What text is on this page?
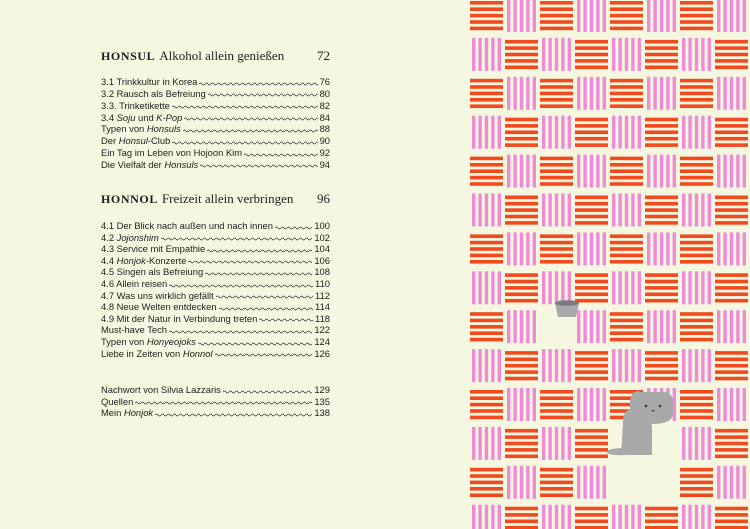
HONSUL Alkohol allein genießen	72
3.1 Trinkkultur in Korea	76
3.2 Rausch als Befreiung	80
3.3. Trinketikette	82
3.4 Soju und K-Pop	84
Typen von Honsuls	88
Der Honsul-Club	90
Ein Tag im Leben von Hojoon Kim	92
Die Vielfalt der Honsuls	94
HONNOL Freizeit allein verbringen 96
4.1 Der Blick nach außen und nach innen	100
4.2 Jojonshim	102
4.3 Service mit Empathie	104
4.4 Honjok-Konzerte	106
4.5 Singen als Befreiung	108
4.6 Allein reisen	110
4.7 Was uns wirklich gefällt	112
4.8 Neue Welten entdecken	114
4.9 Mit der Natur in Verbindung treten	118
Must-have Tech	122
Typen von Honyeojoks	124
Liebe in Zeiten von Honnol	126
Nachwort von Silvia Lazzaris	129
Quellen	135
Mein Honjok	138
